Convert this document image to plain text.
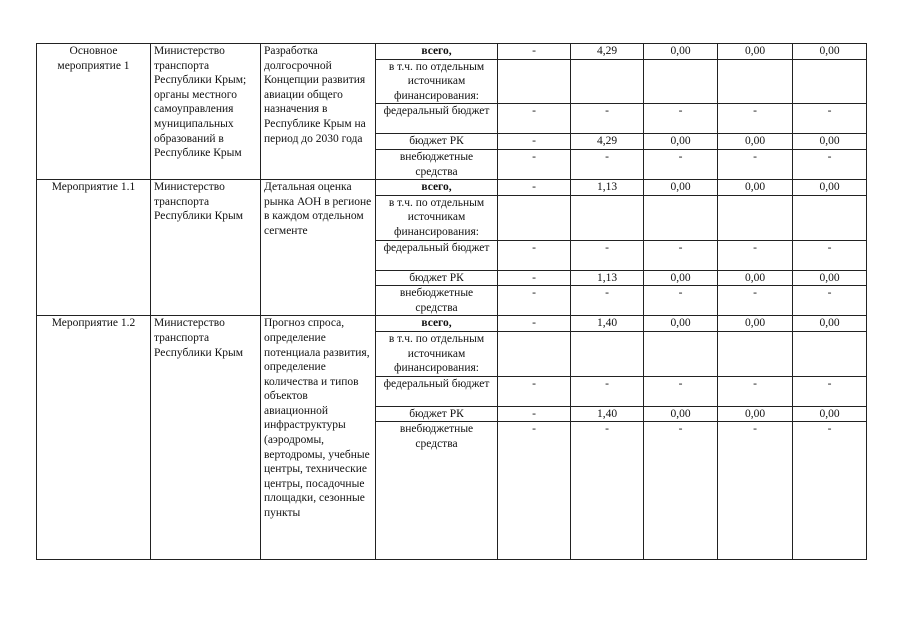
Основное мероприятие 1	Министерство транспорта Республики Крым; органы местного самоуправления муниципальных образований в Республике Крым	Разработка долгосрочной Концепции развития авиации общего назначения в Республике Крым на период до 2030 года	всего,	-	4,29	0,00	0,00	0,00
			в т.ч. по отдельным источникам финансирования:					
			федеральный бюджет	-	-	-	-	-
			бюджет РК	-	4,29	0,00	0,00	0,00
			внебюджетные средства	-	-	-	-	-
Мероприятие 1.1	Министерство транспорта Республики Крым	Детальная оценка рынка АОН в регионе в каждом отдельном сегменте	всего,	-	1,13	0,00	0,00	0,00
			в т.ч. по отдельным источникам финансирования:					
			федеральный бюджет	-	-	-	-	-
			бюджет РК	-	1,13	0,00	0,00	0,00
			внебюджетные средства	-	-	-	-	-
Мероприятие 1.2	Министерство транспорта Республики Крым	Прогноз спроса, определение потенциала развития, определение количества и типов объектов авиационной инфраструктуры (аэродромы, вертодромы, учебные центры, технические центры, посадочные площадки, сезонные пункты	всего,	-	1,40	0,00	0,00	0,00
			в т.ч. по отдельным источникам финансирования:					
			федеральный бюджет	-	-	-	-	-
			бюджет РК	-	1,40	0,00	0,00	0,00
			внебюджетные средства	-	-	-	-	-
